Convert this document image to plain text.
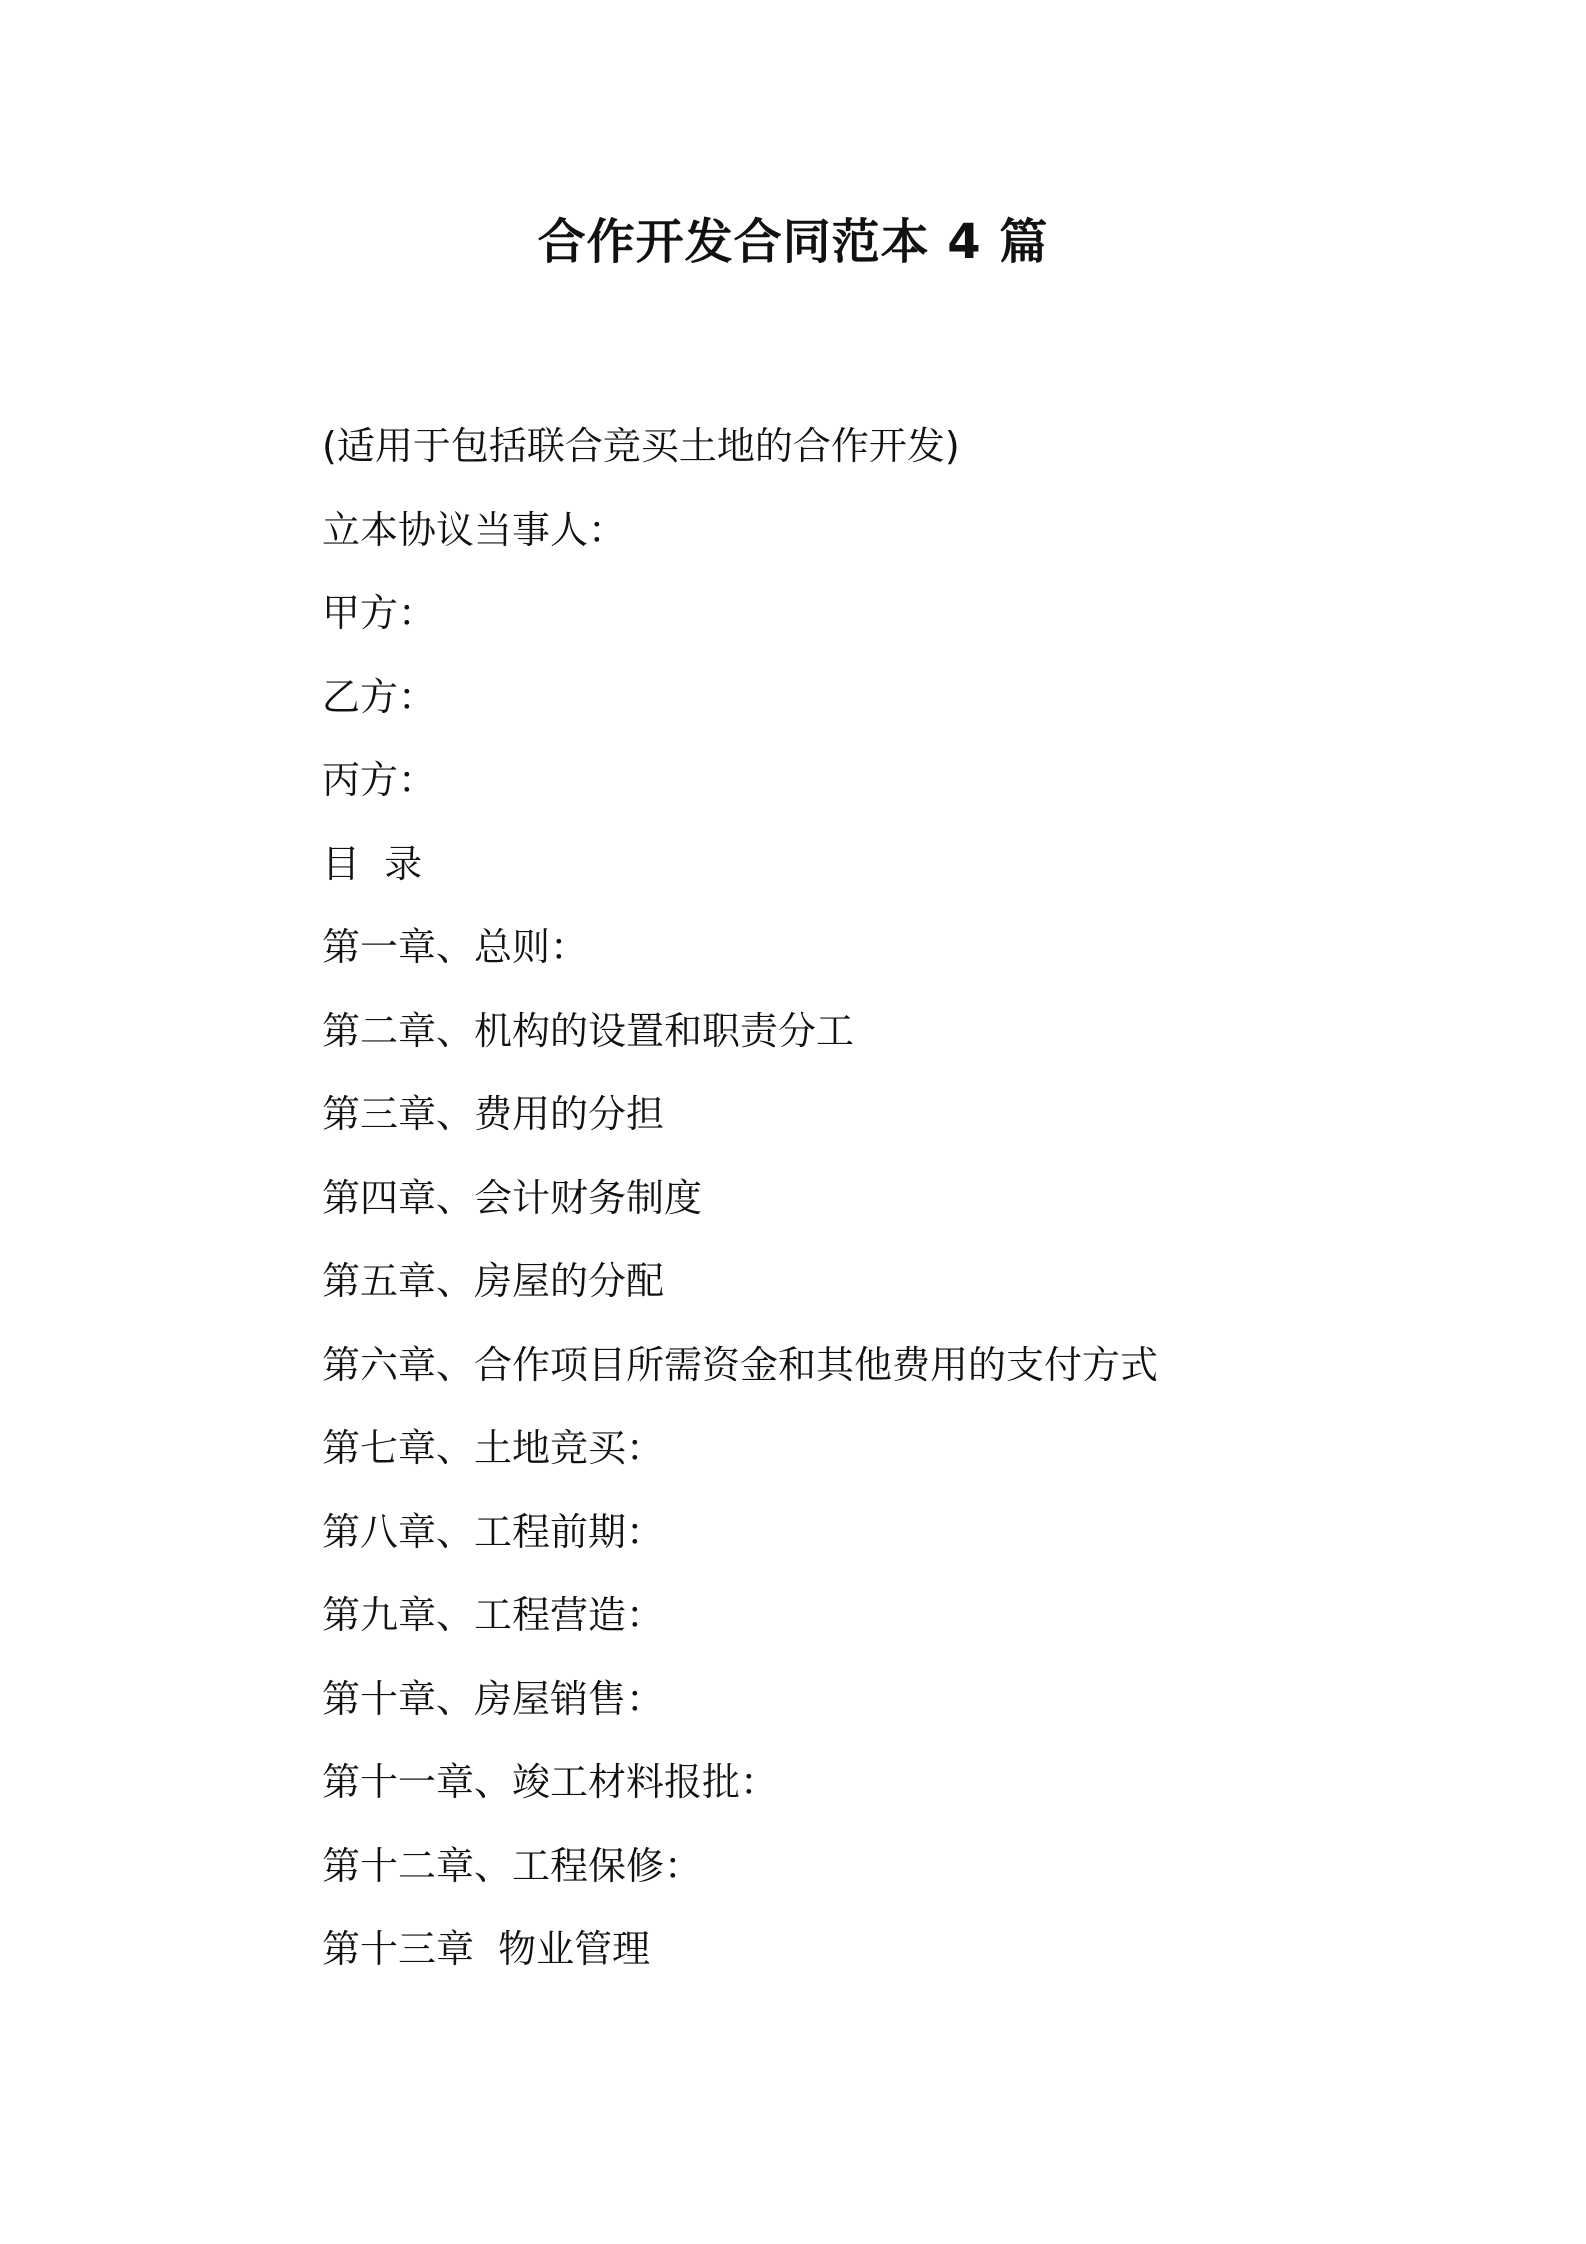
合作开发合同范本 4 篇

(适用于包括联合竞买土地的合作开发)

立本协议当事人：

甲方：

乙方：

丙方：

目  录

第一章、总则：
第二章、机构的设置和职责分工
第三章、费用的分担
第四章、会计财务制度
第五章、房屋的分配
第六章、合作项目所需资金和其他费用的支付方式
第七章、土地竞买：
第八章、工程前期：
第九章、工程营造：
第十章、房屋销售：
第十一章、竣工材料报批：
第十二章、工程保修：
第十三章  物业管理
